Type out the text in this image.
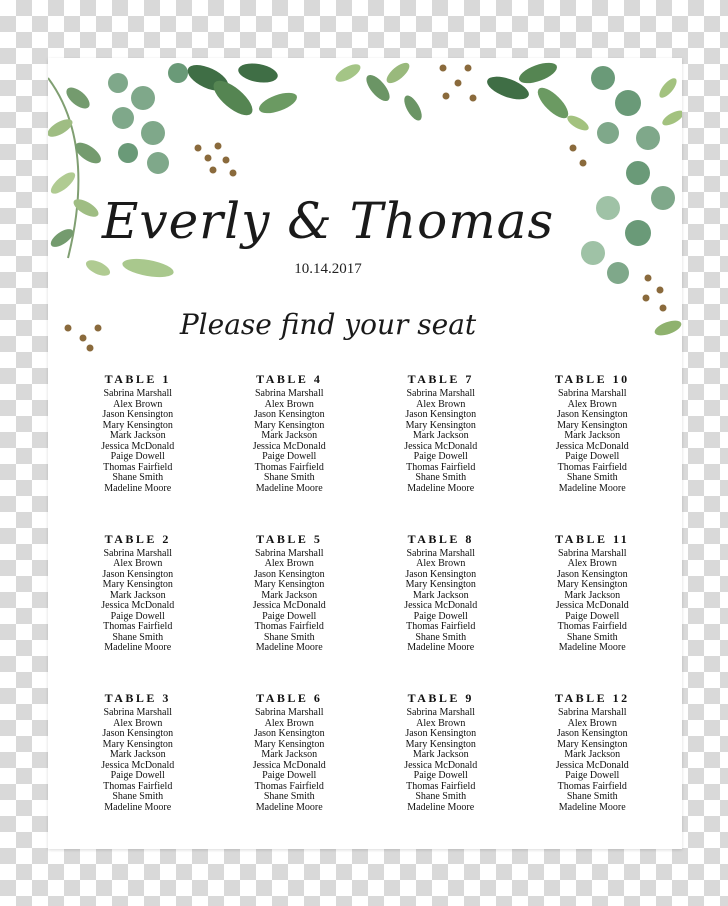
Everly & Thomas
10.14.2017
Please find your seat
TABLE 1
Sabrina Marshall
Alex Brown
Jason Kensington
Mary Kensington
Mark Jackson
Jessica McDonald
Paige Dowell
Thomas Fairfield
Shane Smith
Madeline Moore
TABLE 2
Sabrina Marshall
Alex Brown
Jason Kensington
Mary Kensington
Mark Jackson
Jessica McDonald
Paige Dowell
Thomas Fairfield
Shane Smith
Madeline Moore
TABLE 3
Sabrina Marshall
Alex Brown
Jason Kensington
Mary Kensington
Mark Jackson
Jessica McDonald
Paige Dowell
Thomas Fairfield
Shane Smith
Madeline Moore
TABLE 4
Sabrina Marshall
Alex Brown
Jason Kensington
Mary Kensington
Mark Jackson
Jessica McDonald
Paige Dowell
Thomas Fairfield
Shane Smith
Madeline Moore
TABLE 5
Sabrina Marshall
Alex Brown
Jason Kensington
Mary Kensington
Mark Jackson
Jessica McDonald
Paige Dowell
Thomas Fairfield
Shane Smith
Madeline Moore
TABLE 6
Sabrina Marshall
Alex Brown
Jason Kensington
Mary Kensington
Mark Jackson
Jessica McDonald
Paige Dowell
Thomas Fairfield
Shane Smith
Madeline Moore
TABLE 7
Sabrina Marshall
Alex Brown
Jason Kensington
Mary Kensington
Mark Jackson
Jessica McDonald
Paige Dowell
Thomas Fairfield
Shane Smith
Madeline Moore
TABLE 8
Sabrina Marshall
Alex Brown
Jason Kensington
Mary Kensington
Mark Jackson
Jessica McDonald
Paige Dowell
Thomas Fairfield
Shane Smith
Madeline Moore
TABLE 9
Sabrina Marshall
Alex Brown
Jason Kensington
Mary Kensington
Mark Jackson
Jessica McDonald
Paige Dowell
Thomas Fairfield
Shane Smith
Madeline Moore
TABLE 10
Sabrina Marshall
Alex Brown
Jason Kensington
Mary Kensington
Mark Jackson
Jessica McDonald
Paige Dowell
Thomas Fairfield
Shane Smith
Madeline Moore
TABLE 11
Sabrina Marshall
Alex Brown
Jason Kensington
Mary Kensington
Mark Jackson
Jessica McDonald
Paige Dowell
Thomas Fairfield
Shane Smith
Madeline Moore
TABLE 12
Sabrina Marshall
Alex Brown
Jason Kensington
Mary Kensington
Mark Jackson
Jessica McDonald
Paige Dowell
Thomas Fairfield
Shane Smith
Madeline Moore
